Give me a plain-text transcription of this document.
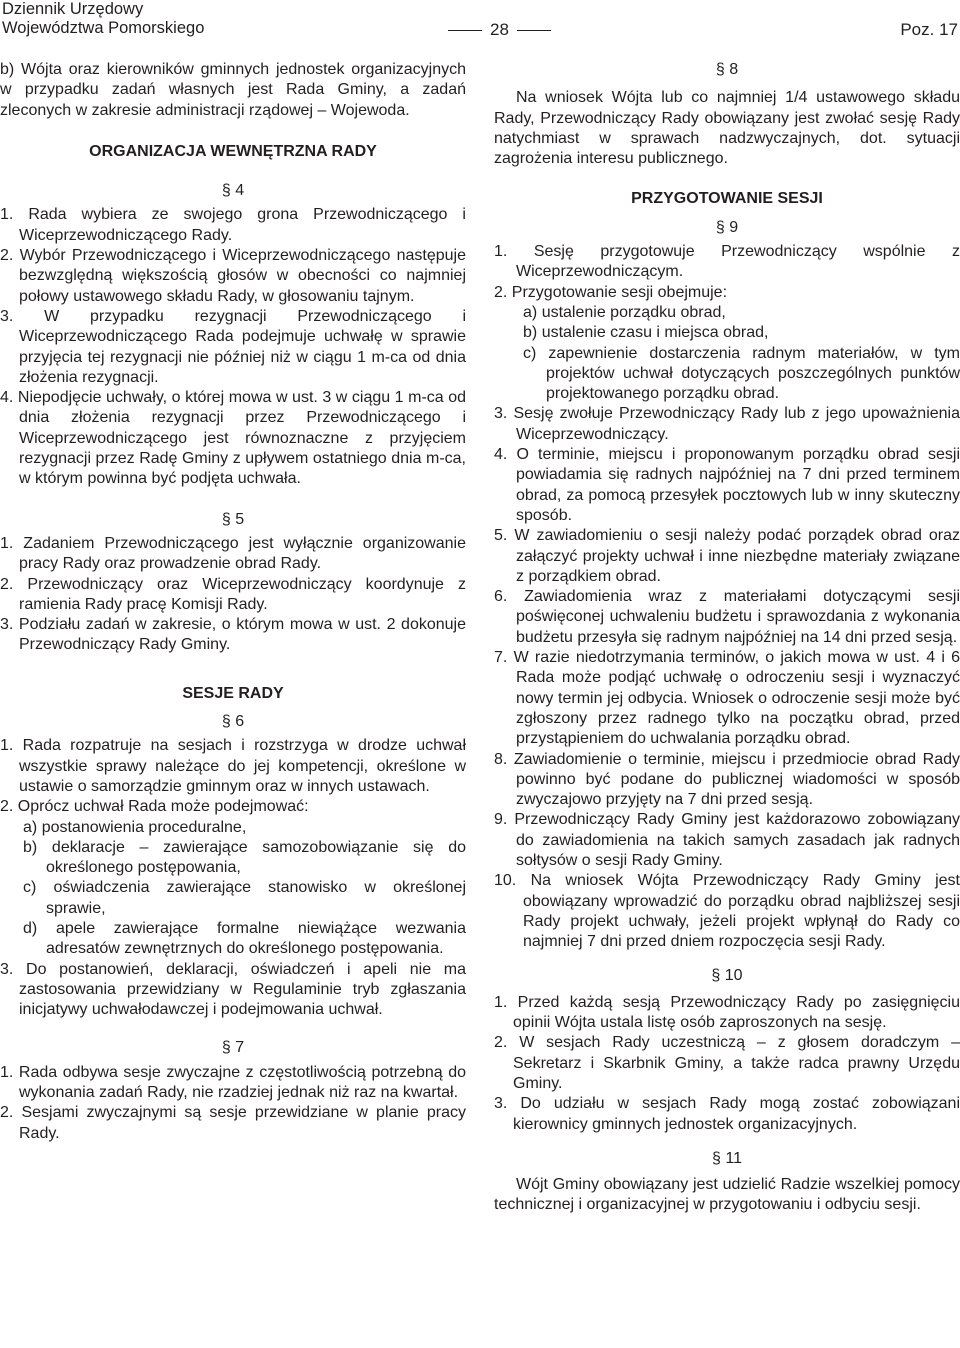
Dziennik Urzędowy
Województwa Pomorskiego	28	Poz. 17

b) Wójta oraz kierowników gminnych jednostek organizacyjnych w przypadku zadań własnych jest Rada Gminy, a zadań zleconych w zakresie administracji rządowej – Wojewoda.

ORGANIZACJA WEWNĘTRZNA RADY

§ 4

1. Rada wybiera ze swojego grona Przewodniczącego i Wiceprzewodniczącego Rady.

2. Wybór Przewodniczącego i Wiceprzewodniczącego następuje bezwzględną większością głosów w obecności co najmniej połowy ustawowego składu Rady, w głosowaniu tajnym.

3. W przypadku rezygnacji Przewodniczącego i Wiceprzewodniczącego Rada podejmuje uchwałę w sprawie przyjęcia tej rezygnacji nie później niż w ciągu 1 m-ca od dnia złożenia rezygnacji.

4. Niepodjęcie uchwały, o której mowa w ust. 3 w ciągu 1 m-ca od dnia złożenia rezygnacji przez Przewodniczącego i Wiceprzewodniczącego jest równoznaczne z przyjęciem rezygnacji przez Radę Gminy z upływem ostatniego dnia m-ca, w którym powinna być podjęta uchwała.

§ 5

1. Zadaniem Przewodniczącego jest wyłącznie organizowanie pracy Rady oraz prowadzenie obrad Rady.

2. Przewodniczący oraz Wiceprzewodniczący koordynuje z ramienia Rady pracę Komisji Rady.

3. Podziału zadań w zakresie, o którym mowa w ust. 2 dokonuje Przewodniczący Rady Gminy.

SESJE RADY

§ 6

1. Rada rozpatruje na sesjach i rozstrzyga w drodze uchwał wszystkie sprawy należące do jej kompetencji, określone w ustawie o samorządzie gminnym oraz w innych ustawach.

2. Oprócz uchwał Rada może podejmować:

a) postanowienia proceduralne,

b) deklaracje – zawierające samozobowiązanie się do określonego postępowania,

c) oświadczenia zawierające stanowisko w określonej sprawie,

d) apele zawierające formalne niewiążące wezwania adresatów zewnętrznych do określonego postępowania.

3. Do postanowień, deklaracji, oświadczeń i apeli nie ma zastosowania przewidziany w Regulaminie tryb zgłaszania inicjatywy uchwałodawczej i podejmowania uchwał.

§ 7

1. Rada odbywa sesje zwyczajne z częstotliwością potrzebną do wykonania zadań Rady, nie rzadziej jednak niż raz na kwartał.

2. Sesjami zwyczajnymi są sesje przewidziane w planie pracy Rady.

§ 8

Na wniosek Wójta lub co najmniej 1/4 ustawowego składu Rady, Przewodniczący Rady obowiązany jest zwołać sesję Rady natychmiast w sprawach nadzwyczajnych, dot. sytuacji zagrożenia interesu publicznego.

PRZYGOTOWANIE SESJI

§ 9

1. Sesję przygotowuje Przewodniczący wspólnie z Wiceprzewodniczącym.

2. Przygotowanie sesji obejmuje:

a) ustalenie porządku obrad,

b) ustalenie czasu i miejsca obrad,

c) zapewnienie dostarczenia radnym materiałów, w tym projektów uchwał dotyczących poszczególnych punktów projektowanego porządku obrad.

3. Sesję zwołuje Przewodniczący Rady lub z jego upoważnienia Wiceprzewodniczący.

4. O terminie, miejscu i proponowanym porządku obrad sesji powiadamia się radnych najpóźniej na 7 dni przed terminem obrad, za pomocą przesyłek pocztowych lub w inny skuteczny sposób.

5. W zawiadomieniu o sesji należy podać porządek obrad oraz załączyć projekty uchwał i inne niezbędne materiały związane z porządkiem obrad.

6. Zawiadomienia wraz z materiałami dotyczącymi sesji poświęconej uchwaleniu budżetu i sprawozdania z wykonania budżetu przesyła się radnym najpóźniej na 14 dni przed sesją.

7. W razie niedotrzymania terminów, o jakich mowa w ust. 4 i 6 Rada może podjąć uchwałę o odroczeniu sesji i wyznaczyć nowy termin jej odbycia. Wniosek o odroczenie sesji może być zgłoszony przez radnego tylko na początku obrad, przed przystąpieniem do uchwalania porządku obrad.

8. Zawiadomienie o terminie, miejscu i przedmiocie obrad Rady powinno być podane do publicznej wiadomości w sposób zwyczajowo przyjęty na 7 dni przed sesją.

9. Przewodniczący Rady Gminy jest każdorazowo zobowiązany do zawiadomienia na takich samych zasadach jak radnych sołtysów o sesji Rady Gminy.

10. Na wniosek Wójta Przewodniczący Rady Gminy jest obowiązany wprowadzić do porządku obrad najbliższej sesji Rady projekt uchwały, jeżeli projekt wpłynął do Rady co najmniej 7 dni przed dniem rozpoczęcia sesji Rady.

§ 10

1. Przed każdą sesją Przewodniczący Rady po zasięgnięciu opinii Wójta ustala listę osób zaproszonych na sesję.

2. W sesjach Rady uczestniczą – z głosem doradczym – Sekretarz i Skarbnik Gminy, a także radca prawny Urzędu Gminy.

3. Do udziału w sesjach Rady mogą zostać zobowiązani kierownicy gminnych jednostek organizacyjnych.

§ 11

Wójt Gminy obowiązany jest udzielić Radzie wszelkiej pomocy technicznej i organizacyjnej w przygotowaniu i odbyciu sesji.
